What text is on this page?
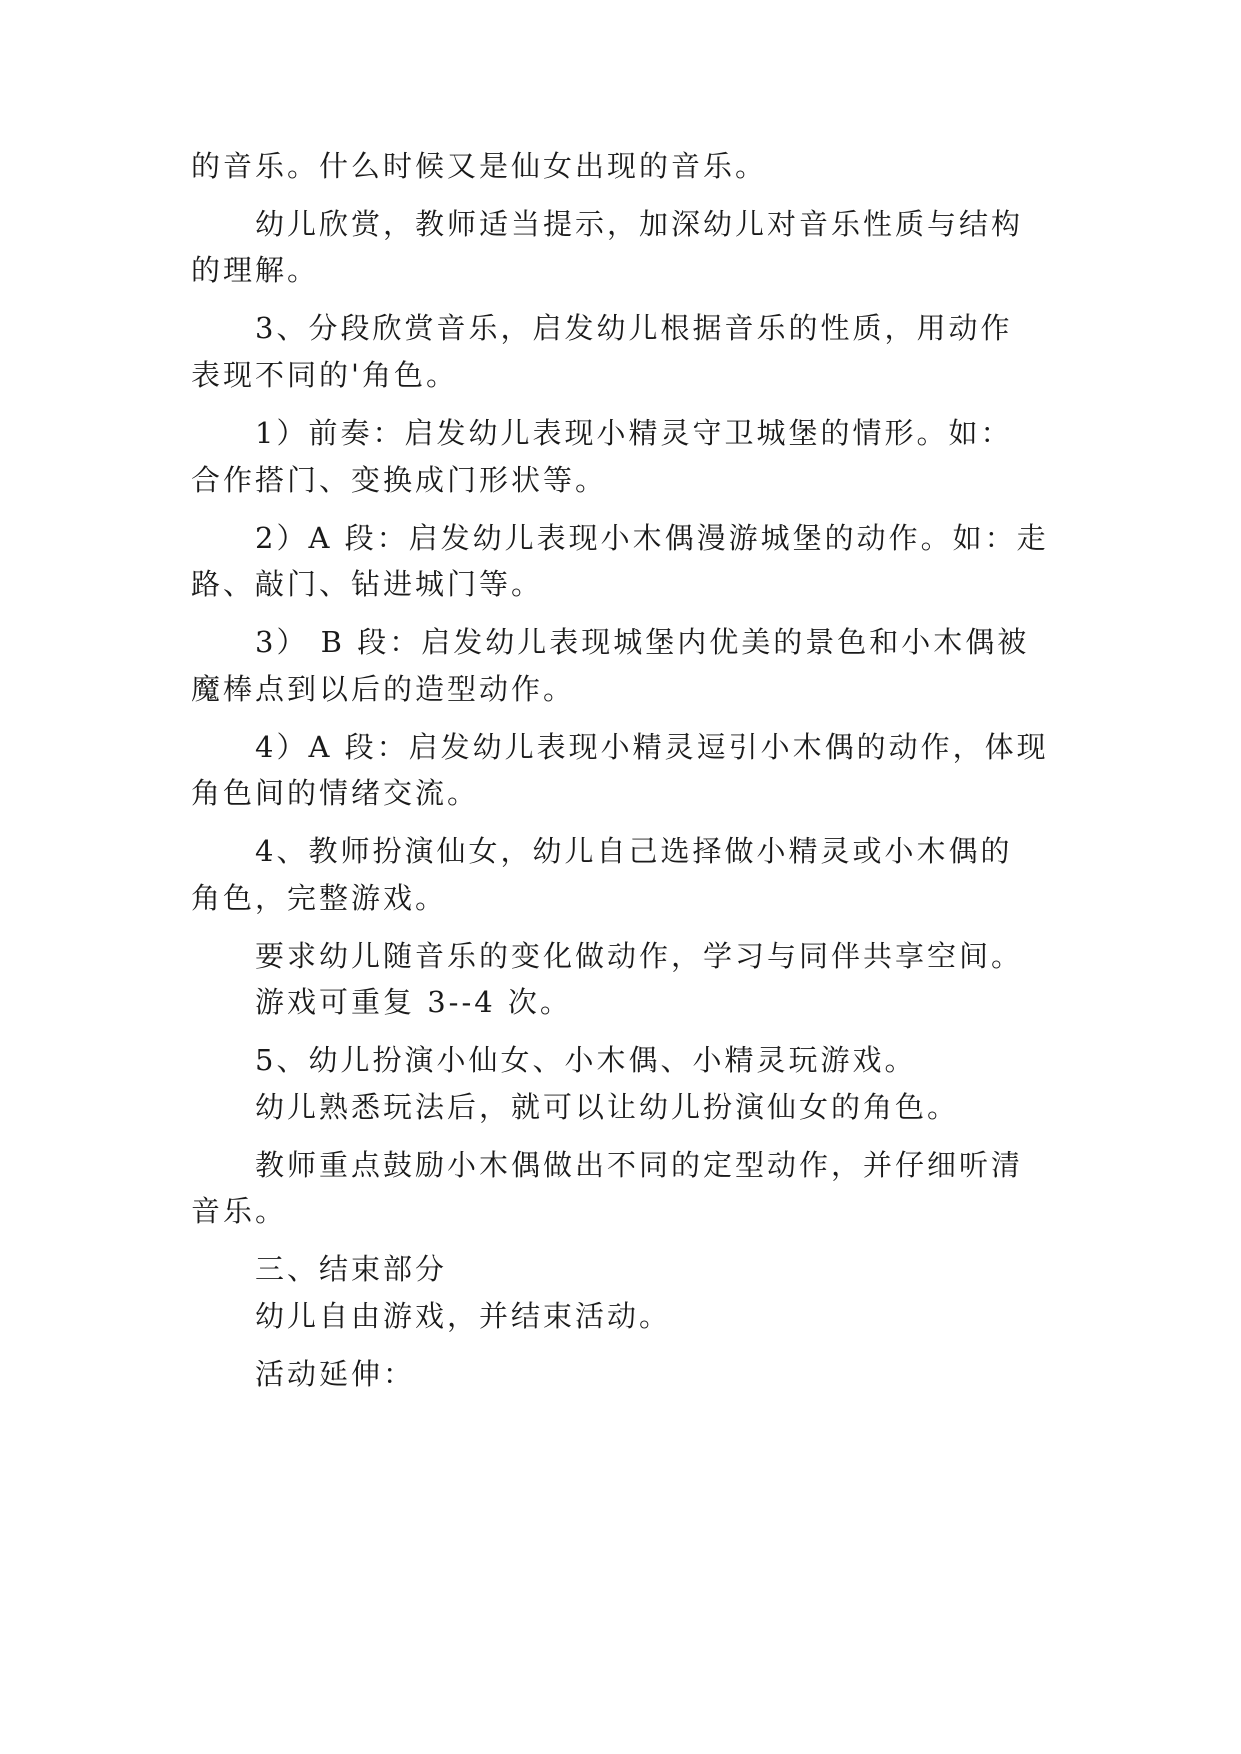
的音乐。什么时候又是仙女出现的音乐。
幼儿欣赏，教师适当提示，加深幼儿对音乐性质与结构
的理解。
3、分段欣赏音乐，启发幼儿根据音乐的性质，用动作
表现不同的'角色。
1）前奏：启发幼儿表现小精灵守卫城堡的情形。如：
合作搭门、变换成门形状等。
2）A 段：启发幼儿表现小木偶漫游城堡的动作。如：走
路、敲门、钻进城门等。
3） B 段：启发幼儿表现城堡内优美的景色和小木偶被
魔棒点到以后的造型动作。
4）A 段：启发幼儿表现小精灵逗引小木偶的动作，体现
角色间的情绪交流。
4、教师扮演仙女，幼儿自己选择做小精灵或小木偶的
角色，完整游戏。
要求幼儿随音乐的变化做动作，学习与同伴共享空间。
游戏可重复 3--4 次。
5、幼儿扮演小仙女、小木偶、小精灵玩游戏。
幼儿熟悉玩法后，就可以让幼儿扮演仙女的角色。
教师重点鼓励小木偶做出不同的定型动作，并仔细听清
音乐。
三、结束部分
幼儿自由游戏，并结束活动。
活动延伸：
